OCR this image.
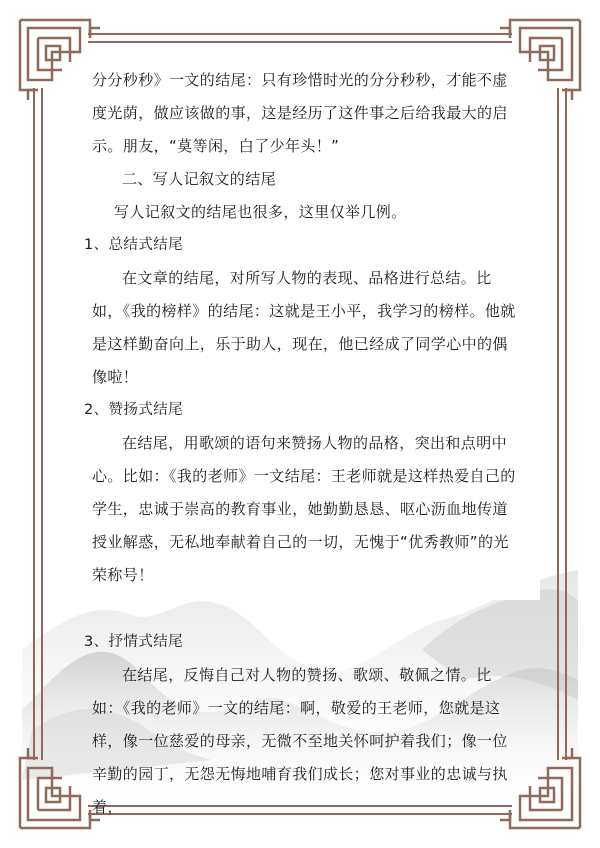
分分秒秒》一文的结尾：只有珍惜时光的分分秒秒，才能不虚度光荫，做应该做的事，这是经历了这件事之后给我最大的启示。朋友，“莫等闲，白了少年头！”

二、写人记叙文的结尾

写人记叙文的结尾也很多，这里仅举几例。

1、总结式结尾

在文章的结尾，对所写人物的表现、品格进行总结。比如，《我的榜样》的结尾：这就是王小平，我学习的榜样。他就是这样勤奋向上，乐于助人，现在，他已经成了同学心中的偶像啦！

2、赞扬式结尾

在结尾，用歌颂的语句来赞扬人物的品格，突出和点明中心。比如：《我的老师》一文结尾：王老师就是这样热爱自己的学生，忠诚于崇高的教育事业，她勤勤恳恳、呕心沥血地传道授业解惑，无私地奉献着自己的一切，无愧于“优秀教师”的光荣称号！

3、抒情式结尾

在结尾，反悔自己对人物的赞扬、歌颂、敬佩之情。比如：《我的老师》一文的结尾：啊，敬爱的王老师，您就是这样，像一位慈爱的母亲，无微不至地关怀呵护着我们；像一位辛勤的园丁，无怨无悔地哺育我们成长；您对事业的忠诚与执着，
